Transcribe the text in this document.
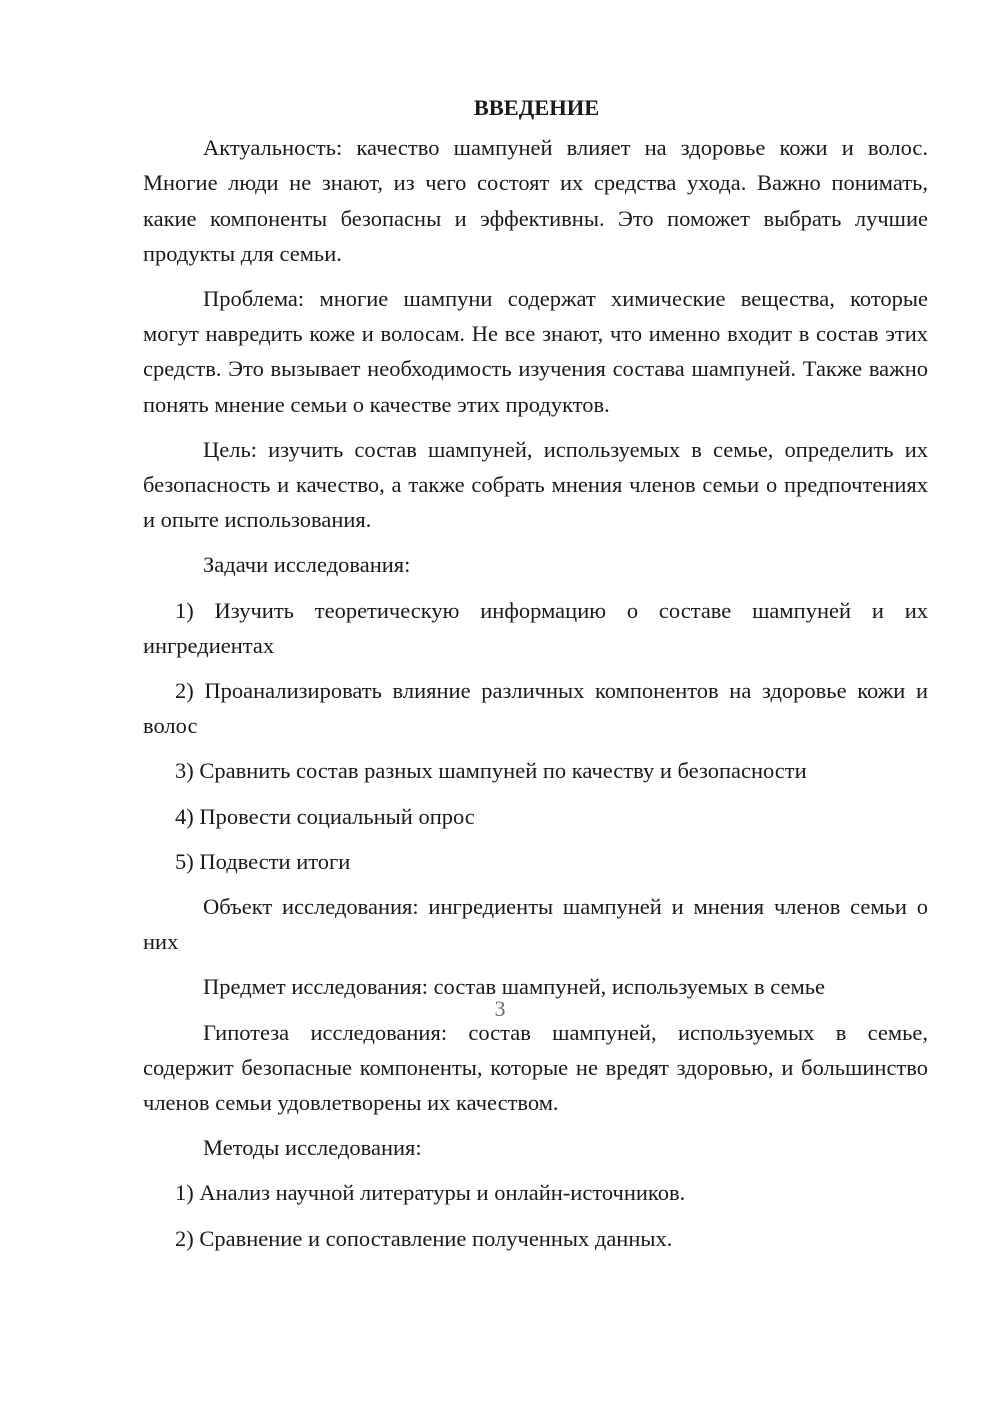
ВВЕДЕНИЕ

Актуальность: качество шампуней влияет на здоровье кожи и волос. Многие люди не знают, из чего состоят их средства ухода. Важно понимать, какие компоненты безопасны и эффективны. Это поможет выбрать лучшие продукты для семьи.

Проблема: многие шампуни содержат химические вещества, которые могут навредить коже и волосам. Не все знают, что именно входит в состав этих средств. Это вызывает необходимость изучения состава шампуней. Также важно понять мнение семьи о качестве этих продуктов.

Цель: изучить состав шампуней, используемых в семье, определить их безопасность и качество, а также собрать мнения членов семьи о предпочтениях и опыте использования.

Задачи исследования:

1) Изучить теоретическую информацию о составе шампуней и их ингредиентах

2) Проанализировать влияние различных компонентов на здоровье кожи и волос

3) Сравнить состав разных шампуней по качеству и безопасности

4) Провести социальный опрос

5) Подвести итоги

Объект исследования: ингредиенты шампуней и мнения членов семьи о них

Предмет исследования: состав шампуней, используемых в семье

Гипотеза исследования: состав шампуней, используемых в семье, содержит безопасные компоненты, которые не вредят здоровью, и большинство членов семьи удовлетворены их качеством.

Методы исследования:

1) Анализ научной литературы и онлайн-источников.

2) Сравнение и сопоставление полученных данных.

3
